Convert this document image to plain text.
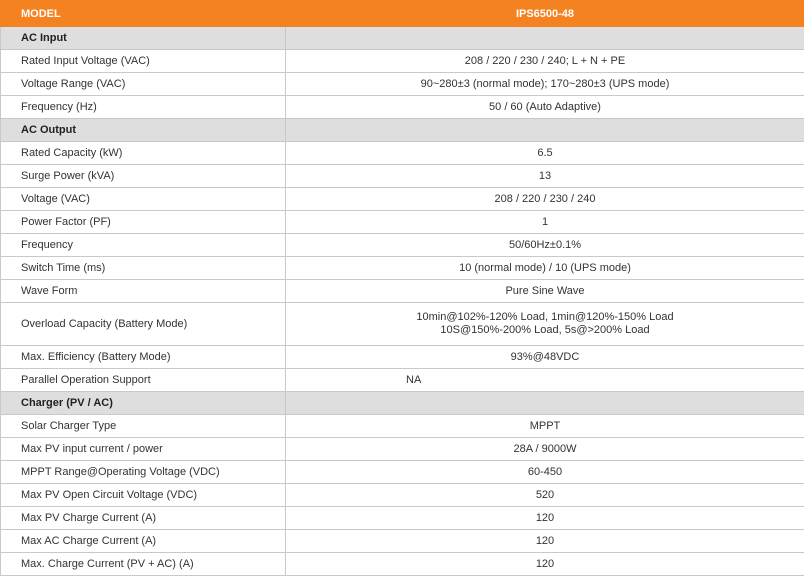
MODEL	IPS6500-48
AC Input	
Rated Input Voltage (VAC)	208 / 220 / 230 / 240; L + N + PE

Voltage Range (VAC)	90~280±3 (normal mode); 170~280±3 (UPS mode)

Frequency (Hz)	50 / 60 (Auto Adaptive)

AC Output	
Rated Capacity (kW)	6.5

Surge Power (kVA)	13

Voltage (VAC)	208 / 220 / 230 / 240

Power Factor (PF)	1

Frequency	50/60Hz±0.1%

Switch Time (ms)	10 (normal mode) / 10 (UPS mode)

Wave Form	Pure Sine Wave

Overload Capacity (Battery Mode)	10min@102%-120% Load, 1min@120%-150% Load
10S@150%-200% Load, 5s@>200% Load

Max. Efficiency (Battery Mode)	93%@48VDC

Parallel Operation Support	NA

Charger (PV / AC)	
Solar Charger Type	MPPT

Max PV input current / power	28A / 9000W

MPPT Range@Operating Voltage (VDC)	60-450

Max PV Open Circuit Voltage (VDC)	520

Max PV Charge Current (A)	120

Max AC Charge Current (A)	120

Max. Charge Current (PV + AC) (A)	120
